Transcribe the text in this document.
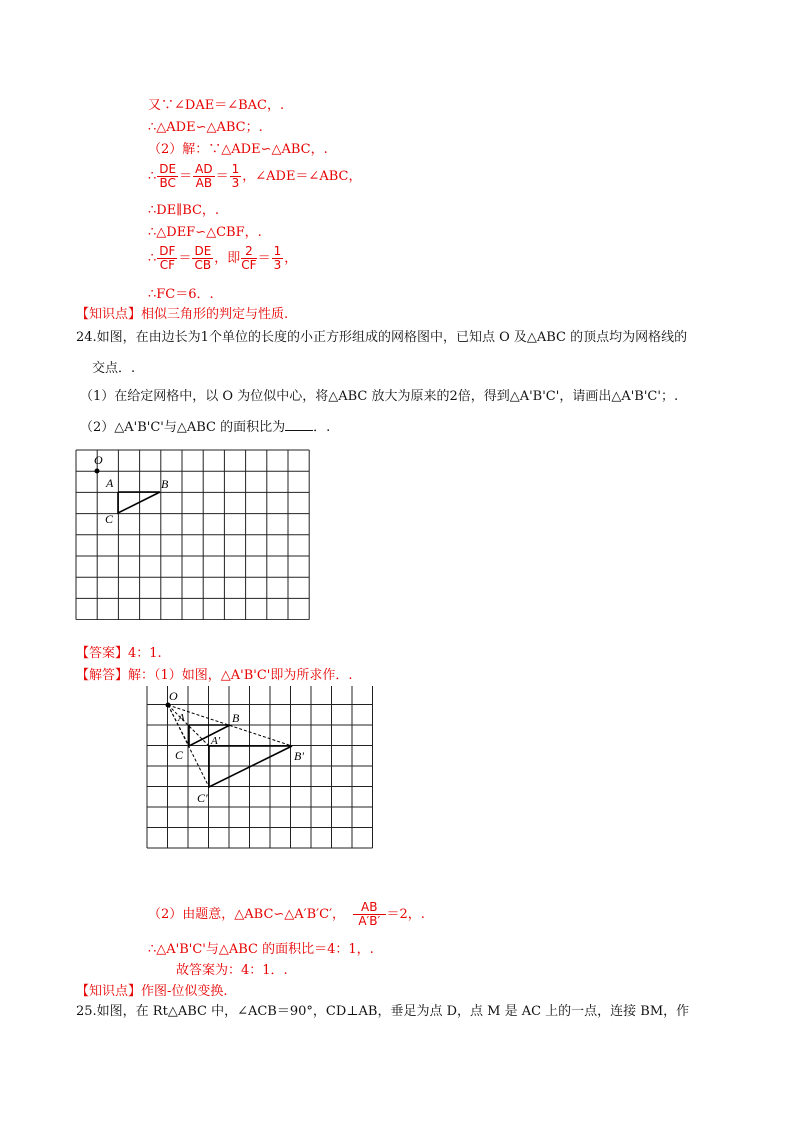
又∵∠DAE＝∠BAC，.
∴△ADE∽△ABC；.
（2）解：∵△ADE∽△ABC，.
∴ $\frac{DE}{BC} = \frac{AD}{AB} = \frac{1}{3}$ ，∠ADE＝∠ABC，
∴DE∥BC，.
∴△DEF∽△CBF，.
∴ $\frac{DF}{CF} = \frac{DE}{CB}$ ，即 $\frac{2}{CF} = \frac{1}{3}$ ，
∴FC＝6．.
【知识点】相似三角形的判定与性质.
24.如图，在由边长为1个单位的长度的小正方形组成的网格图中，已知点 O 及△ABC 的顶点均为网格线的
交点．.
（1）在给定网格中，以 O 为位似中心，将△ABC 放大为原来的2倍，得到△A'B'C'，请画出△A'B'C'；.
（2）△A'B'C'与△ABC 的面积比为 ．.
O
A	B
C
【答案】4：1.
【解答】解：（1）如图，△A'B'C'即为所求作．.
O
A	B
C
A'
B'
C'
（2）由题意，△ABC∽△A′B′C′， $\frac{AB}{A'B'} =2$，.
∴△A'B'C'与△ABC 的面积比＝4：1，.
故答案为：4：1．.
【知识点】作图-位似变换.
25.如图，在 Rt△ABC 中，∠ACB＝90°，CD⊥AB，垂足为点 D，点 M 是 AC 上的一点，连接 BM，作
